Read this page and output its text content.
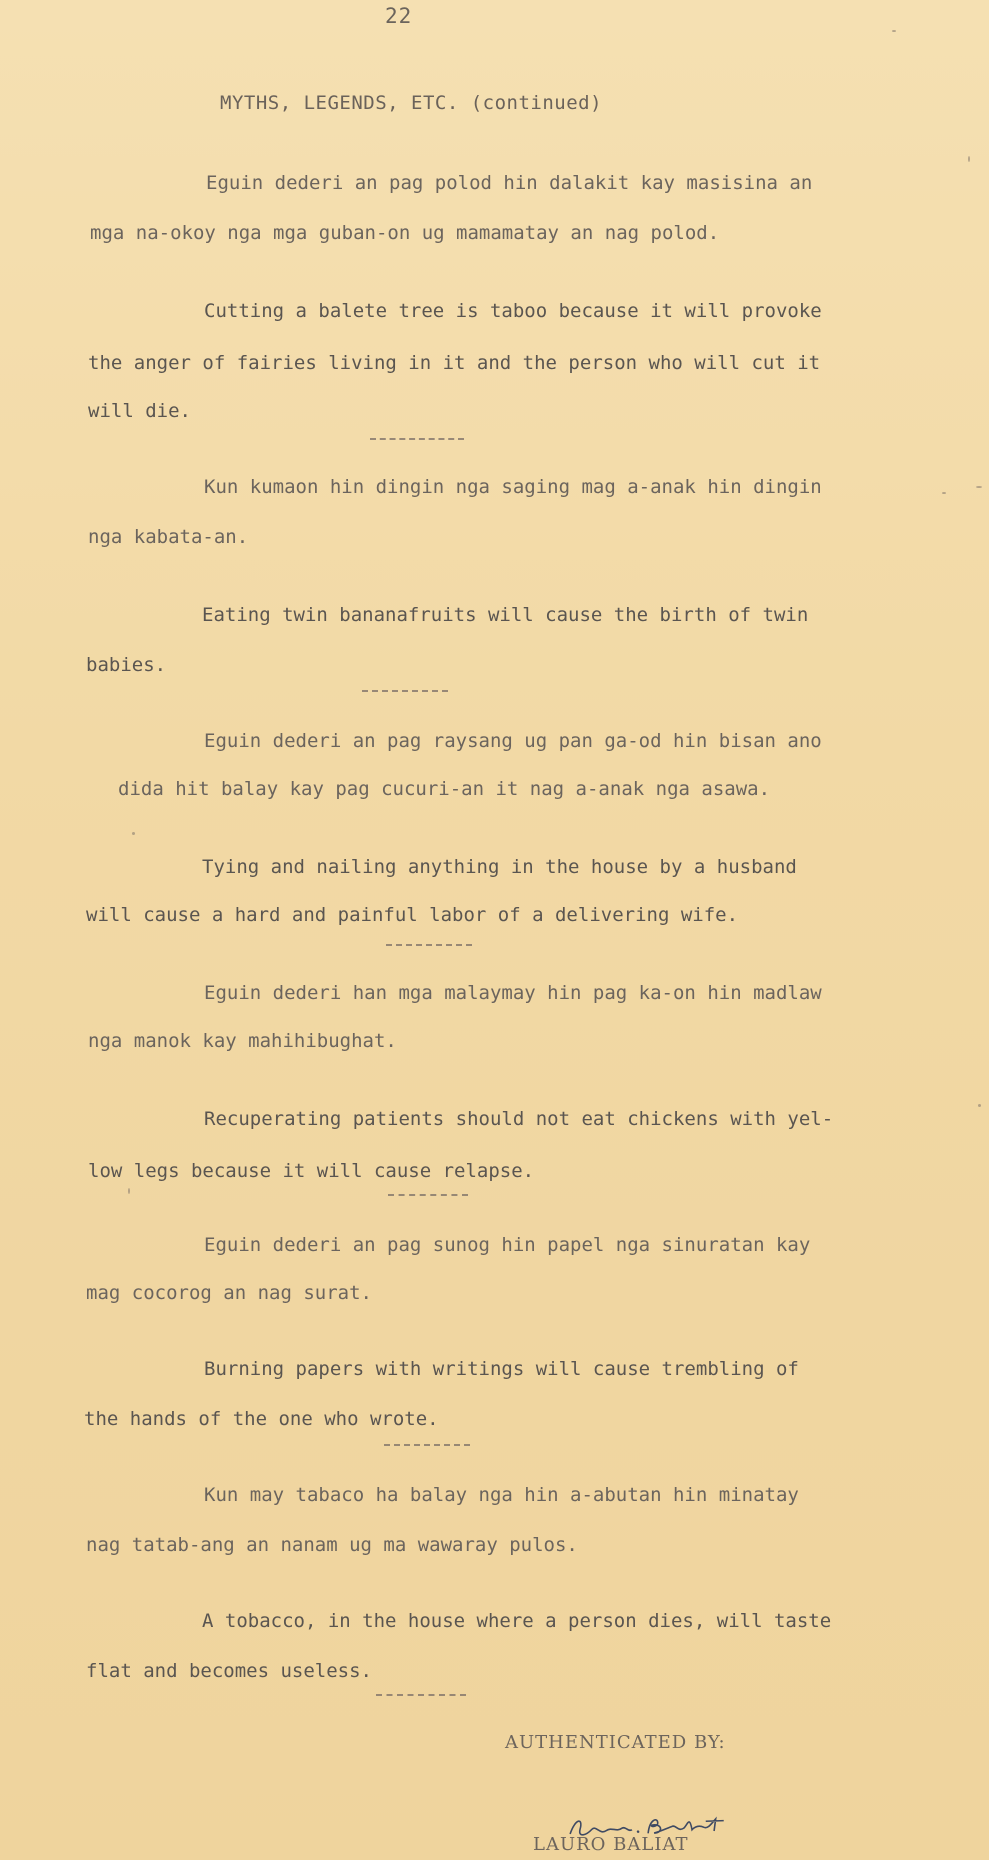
22
MYTHS, LEGENDS, ETC. (continued)
Eguin dederi an pag polod hin dalakit kay masisina an
mga na-okoy nga mga guban-on ug mamamatay an nag polod.
Cutting a balete tree is taboo because it will provoke
the anger of fairies living in it and the person who will cut it
will die.
Kun kumaon hin dingin nga saging mag a-anak hin dingin
nga kabata-an.
Eating twin bananafruits will cause the birth of twin
babies.
Eguin dederi an pag raysang ug pan ga-od hin bisan ano
dida hit balay kay pag cucuri-an it nag a-anak nga asawa.
Tying and nailing anything in the house by a husband
will cause a hard and painful labor of a delivering wife.
Eguin dederi han mga malaymay hin pag ka-on hin madlaw
nga manok kay mahihibughat.
Recuperating patients should not eat chickens with yel-
low legs because it will cause relapse.
Eguin dederi an pag sunog hin papel nga sinuratan kay
mag cocorog an nag surat.
Burning papers with writings will cause trembling of
the hands of the one who wrote.
Kun may tabaco ha balay nga hin a-abutan hin minatay
nag tatab-ang an nanam ug ma wawaray pulos.
A tobacco, in the house where a person dies, will taste
flat and becomes useless.
AUTHENTICATED BY:
LAURO BALIAT
